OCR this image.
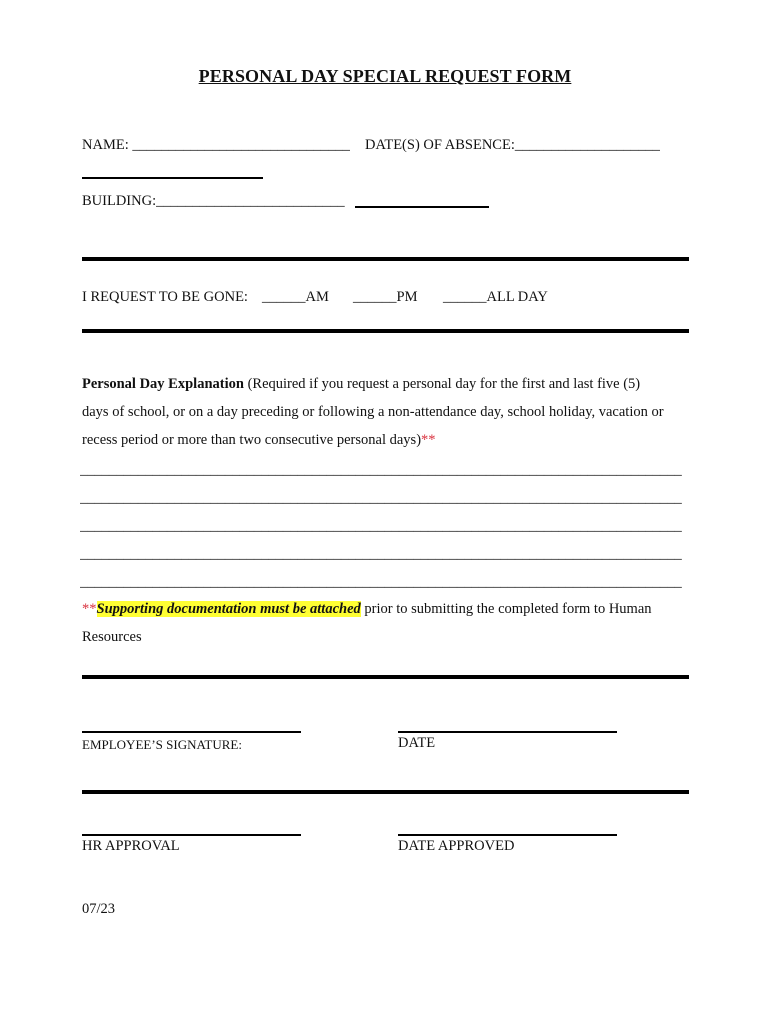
PERSONAL DAY SPECIAL REQUEST FORM
NAME: ______________________________ DATE(S) OF ABSENCE:____________________
BUILDING:__________________________
I REQUEST TO BE GONE: ______AM ______PM ______ALL DAY
Personal Day Explanation (Required if you request a personal day for the first and last five (5)
days of school, or on a day preceding or following a non-attendance day, school holiday, vacation or
recess period or more than two consecutive personal days)**
___________________________________________________________________________________
___________________________________________________________________________________
___________________________________________________________________________________
___________________________________________________________________________________
___________________________________________________________________________________
**Supporting documentation must be attached prior to submitting the completed form to Human
Resources
EMPLOYEE’S SIGNATURE:	DATE
HR APPROVAL	DATE APPROVED
07/23
